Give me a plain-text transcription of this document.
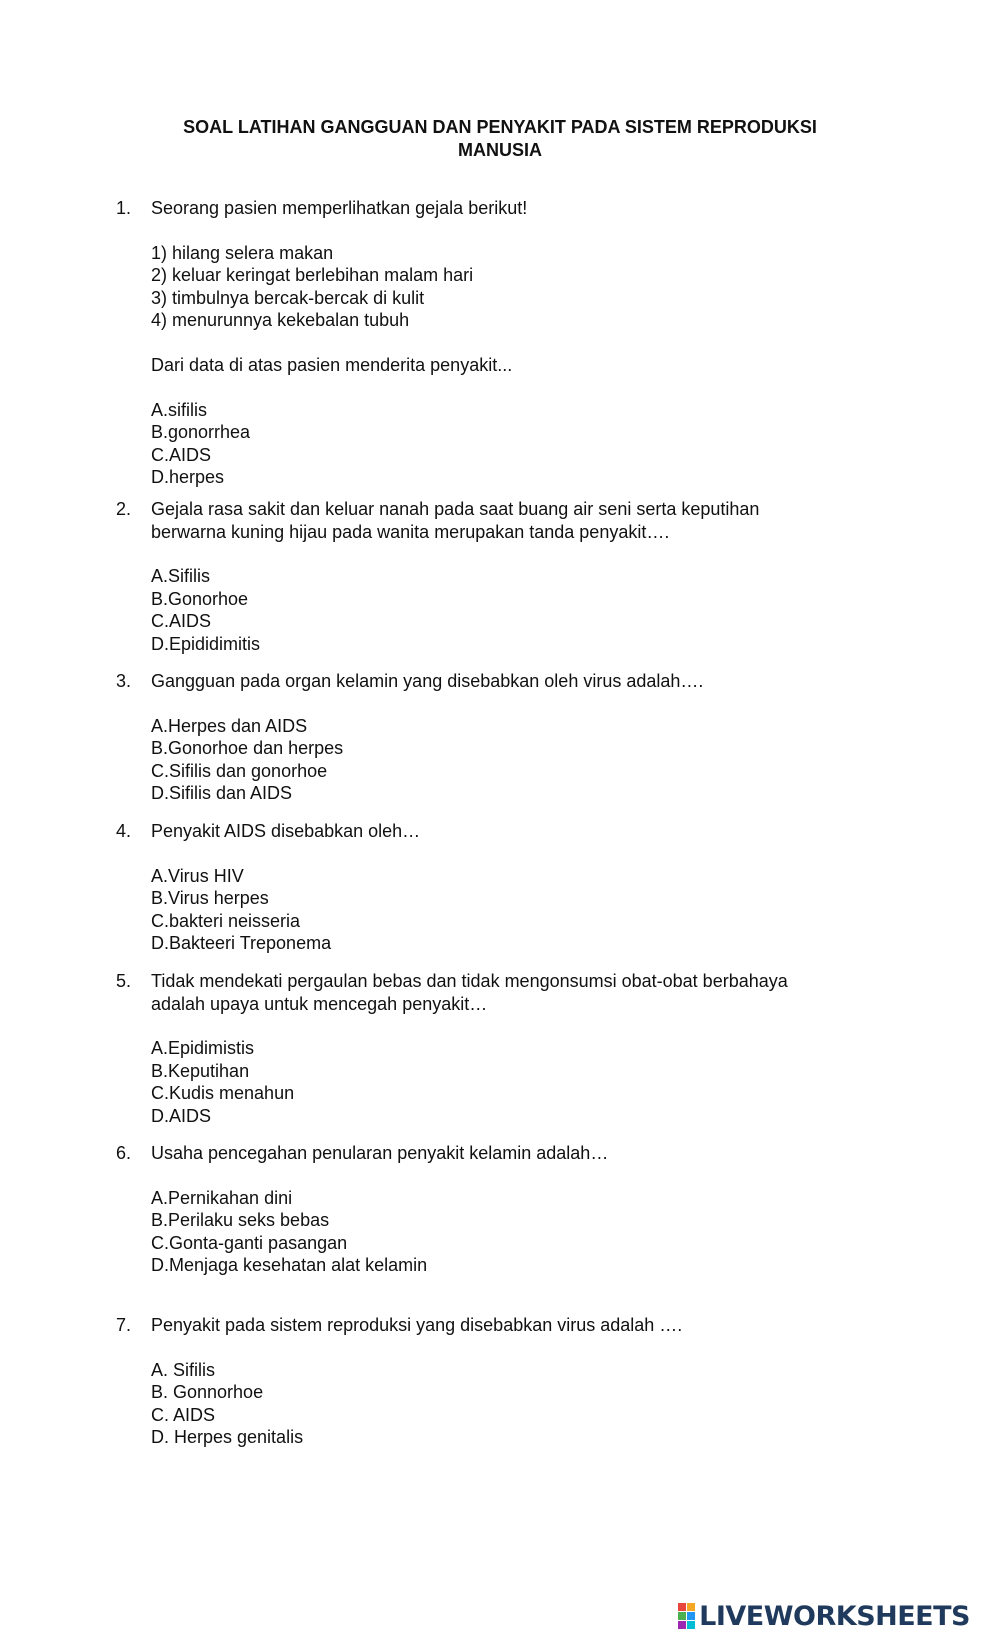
SOAL LATIHAN GANGGUAN DAN PENYAKIT PADA SISTEM REPRODUKSI
MANUSIA
1. Seorang pasien memperlihatkan gejala berikut!
1) hilang selera makan
2) keluar keringat berlebihan malam hari
3) timbulnya bercak-bercak di kulit
4) menurunnya kekebalan tubuh
Dari data di atas pasien menderita penyakit...
A.sifilis
B.gonorrhea
C.AIDS
D.herpes
2. Gejala rasa sakit dan keluar nanah pada saat buang air seni serta keputihan
berwarna kuning hijau pada wanita merupakan tanda penyakit….
A.Sifilis
B.Gonorhoe
C.AIDS
D.Epididimitis
3. Gangguan pada organ kelamin yang disebabkan oleh virus adalah….
A.Herpes dan AIDS
B.Gonorhoe dan herpes
C.Sifilis dan gonorhoe
D.Sifilis dan AIDS
4. Penyakit AIDS disebabkan oleh…
A.Virus HIV
B.Virus herpes
C.bakteri neisseria
D.Bakteeri Treponema
5. Tidak mendekati pergaulan bebas dan tidak mengonsumsi obat-obat berbahaya
adalah upaya untuk mencegah penyakit…
A.Epidimistis
B.Keputihan
C.Kudis menahun
D.AIDS
6. Usaha pencegahan penularan penyakit kelamin adalah…
A.Pernikahan dini
B.Perilaku seks bebas
C.Gonta-ganti pasangan
D.Menjaga kesehatan alat kelamin
7. Penyakit pada sistem reproduksi yang disebabkan virus adalah ….
A. Sifilis
B. Gonnorhoe
C. AIDS
D. Herpes genitalis
LIVEWORKSHEETS
